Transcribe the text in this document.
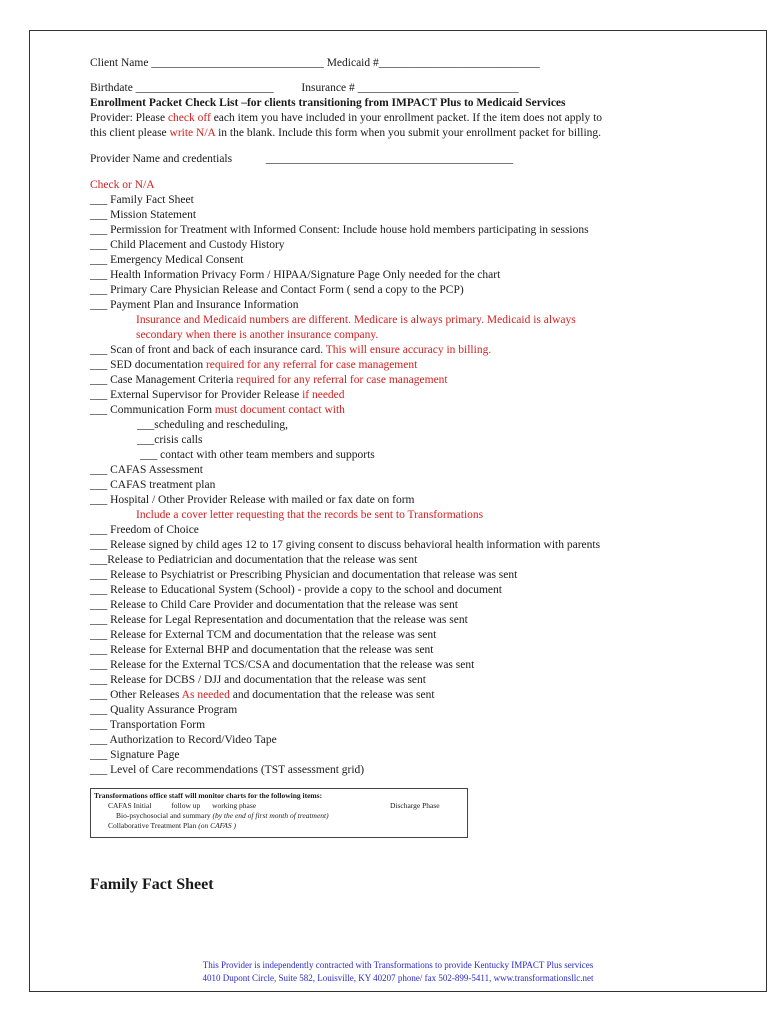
Client Name ______________________________ Medicaid #____________________________
Birthdate ________________________ Insurance # ____________________________
Enrollment Packet Check List –for clients transitioning from IMPACT Plus to Medicaid Services
Provider: Please check off each item you have included in your enrollment packet. If the item does not apply to
this client please write N/A in the blank. Include this form when you submit your enrollment packet for billing.
Provider Name and credentials	___________________________________________
Check or N/A
___ Family Fact Sheet
___ Mission Statement
___ Permission for Treatment with Informed Consent: Include house hold members participating in sessions
___ Child Placement and Custody History
___ Emergency Medical Consent
___ Health Information Privacy Form / HIPAA/Signature Page Only needed for the chart
___ Primary Care Physician Release and Contact Form ( send a copy to the PCP)
___ Payment Plan and Insurance Information
Insurance and Medicaid numbers are different. Medicare is always primary. Medicaid is always
secondary when there is another insurance company.
___ Scan of front and back of each insurance card. This will ensure accuracy in billing.
___ SED documentation required for any referral for case management
___ Case Management Criteria required for any referral for case management
___ External Supervisor for Provider Release if needed
___ Communication Form must document contact with
___scheduling and rescheduling,
___crisis calls
___ contact with other team members and supports
___ CAFAS Assessment
___ CAFAS treatment plan
___ Hospital / Other Provider Release with mailed or fax date on form
Include a cover letter requesting that the records be sent to Transformations
___ Freedom of Choice
___ Release signed by child ages 12 to 17 giving consent to discuss behavioral health information with parents
___Release to Pediatrician and documentation that the release was sent
___ Release to Psychiatrist or Prescribing Physician and documentation that release was sent
___ Release to Educational System (School) - provide a copy to the school and document
___ Release to Child Care Provider and documentation that the release was sent
___ Release for Legal Representation and documentation that the release was sent
___ Release for External TCM and documentation that the release was sent
___ Release for External BHP and documentation that the release was sent
___ Release for the External TCS/CSA and documentation that the release was sent
___ Release for DCBS / DJJ and documentation that the release was sent
___ Other Releases As needed and documentation that the release was sent
___ Quality Assurance Program
___ Transportation Form
___ Authorization to Record/Video Tape
___ Signature Page
___ Level of Care recommendations (TST assessment grid)
Transformations office staff will monitor charts for the following items:
CAFAS Initial	follow up working phase	Discharge Phase
Bio-psychosocial and summary (by the end of first month of treatment)
Collaborative Treatment Plan (on CAFAS )
Family Fact Sheet
This Provider is independently contracted with Transformations to provide Kentucky IMPACT Plus services
4010 Dupont Circle, Suite 582, Louisville, KY 40207 phone/ fax 502-899-5411, www.transformationsllc.net
